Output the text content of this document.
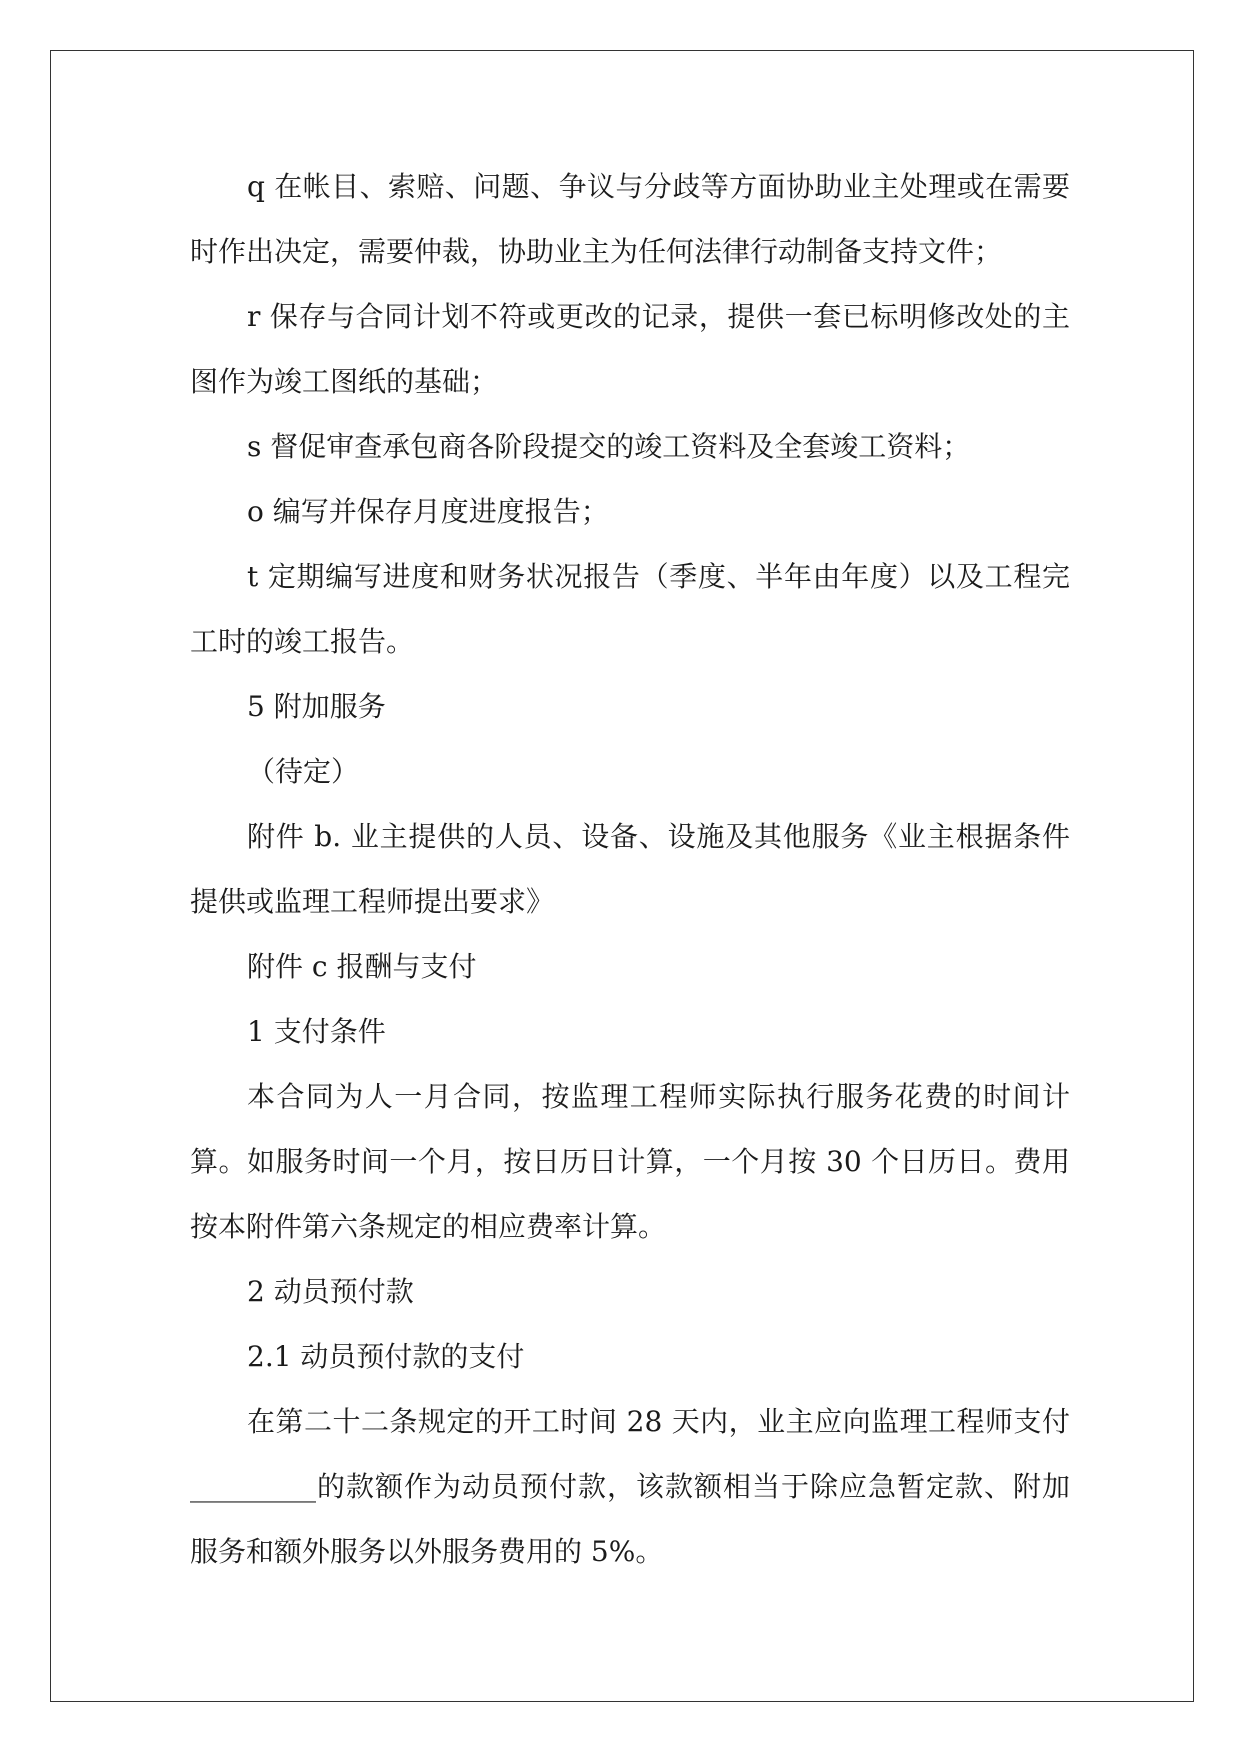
q 在帐目、索赔、问题、争议与分歧等方面协助业主处理或在需要时作出决定，需要仲裁，协助业主为任何法律行动制备支持文件；

r 保存与合同计划不符或更改的记录，提供一套已标明修改处的主图作为竣工图纸的基础；

s 督促审查承包商各阶段提交的竣工资料及全套竣工资料；

o 编写并保存月度进度报告；

t 定期编写进度和财务状况报告（季度、半年由年度）以及工程完工时的竣工报告。

5 附加服务

（待定）

附件 b. 业主提供的人员、设备、设施及其他服务《业主根据条件提供或监理工程师提出要求》

附件 c 报酬与支付

1 支付条件

本合同为人一月合同，按监理工程师实际执行服务花费的时间计算。如服务时间一个月，按日历日计算，一个月按 30 个日历日。费用按本附件第六条规定的相应费率计算。

2 动员预付款

2.1 动员预付款的支付

在第二十二条规定的开工时间 28 天内，业主应向监理工程师支付_________的款额作为动员预付款，该款额相当于除应急暂定款、附加服务和额外服务以外服务费用的 5%。
